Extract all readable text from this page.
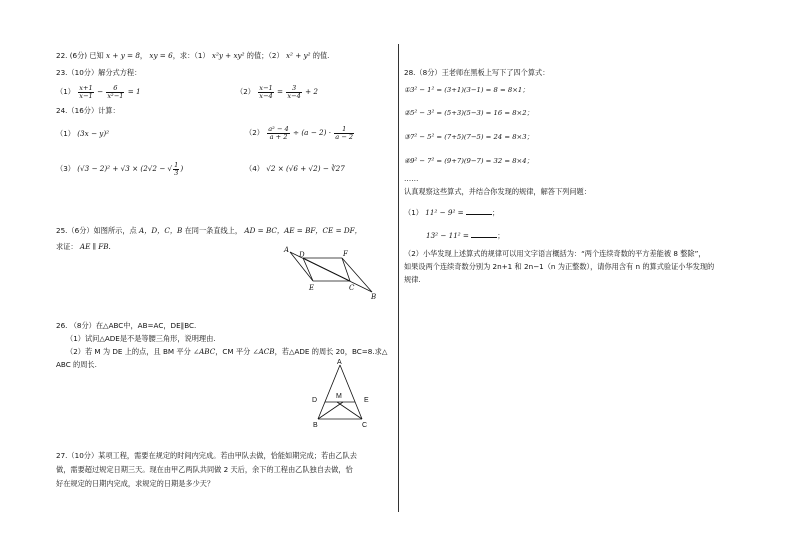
22. (6分) 已知 x + y = 8， xy = 6，求：（1） x²y + xy² 的值；（2） x² + y² 的值.
23.（10分）解分式方程：
$(1) \frac{x+1}{x-1} - \frac{6}{\text{x²−1}} = 1$	$(2) \frac{x-1}{x-4} = \frac{3}{x-4} + 2$
24.（16分）计算：
（1） (3x − y)²	$(2) \frac{\text{a² − 4}}{a + 2} \div (a - 2) \cdot \frac{1}{a - 2}$
（3） (√3 − 2)² + √3 × (2√2 − √ $\frac{1}{3}$ )	（4） √2 × (√6 + √2) − ∛27
25.（6分）如图所示，点 A，D，C，B 在同一条直线上， AD = BC，AE = BF，CE = DF，
求证： AE ∥ FB.	A
D	F
E	C
B
26. （8分）在△ABC中，AB=AC，DE∥BC.
（1）试问△ADE是不是等腰三角形，说明理由.
（2）若 M 为 DE 上的点，且 BM 平分 ∠ABC，CM 平分 ∠ACB，若△ADE 的周长 20，BC=8.求△
ABC 的周长.	A
D
M
E
B	C
27.（10分）某项工程，需要在规定的时间内完成。若由甲队去做，恰能如期完成；若由乙队去
做，需要超过规定日期三天。现在由甲乙两队共同做 2 天后，余下的工程由乙队独自去做，恰
好在规定的日期内完成，求规定的日期是多少天？
28.（8分）王老师在黑板上写下了四个算式：
①3² − 1² = (3+1)(3−1) = 8 = 8×1；
②5² − 3² = (5+3)(5−3) = 16 = 8×2；
③7² − 5² = (7+5)(7−5) = 24 = 8×3；
④9² − 7² = (9+7)(9−7) = 32 = 8×4；
……
认真观察这些算式，并结合你发现的规律，解答下列问题：
（1） 11² − 9² =	；
13² − 11² =	；
（2）小华发现上述算式的规律可以用文字语言概括为：“两个连续奇数的平方差能被 8 整除”，
如果设两个连续奇数分别为 2n+1 和 2n−1（n 为正整数），请你用含有 n 的算式验证小华发现的
规律.
